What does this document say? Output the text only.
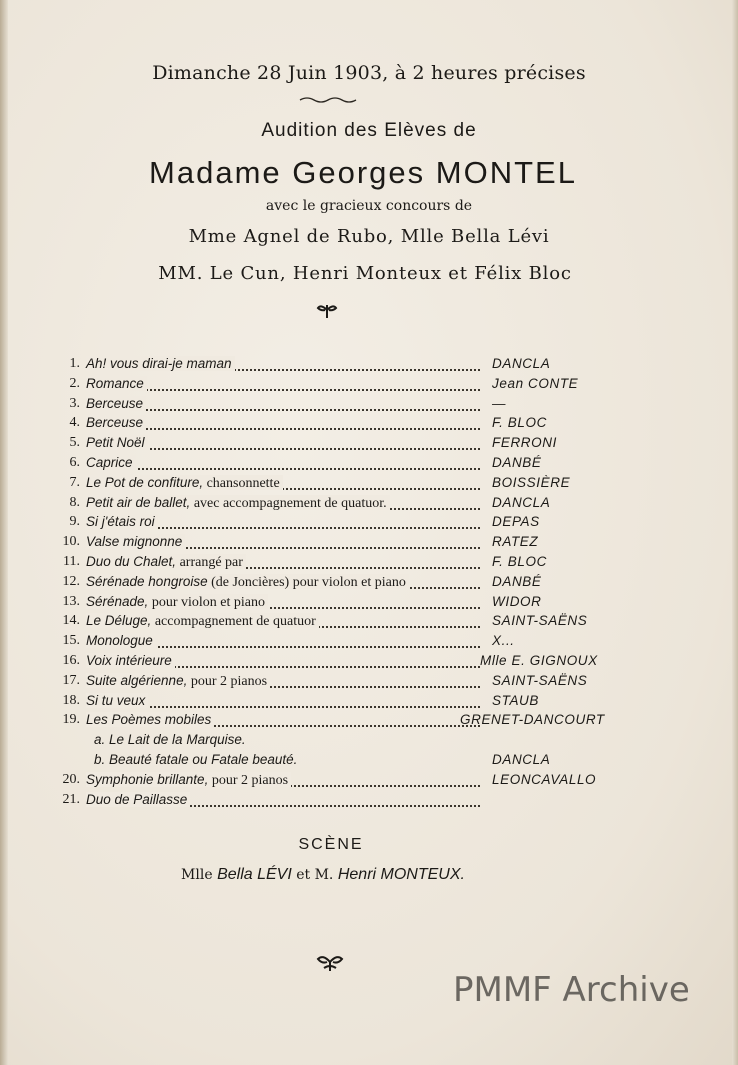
Dimanche 28 Juin 1903, à 2 heures précises
Audition des Elèves de
Madame Georges MONTEL
avec le gracieux concours de
Mme Agnel de Rubo, Mlle Bella Lévi
MM. Le Cun, Henri Monteux et Félix Bloc
1. Ah! vous dirai-je maman	DANCLA
2. Romance	Jean CONTE
3. Berceuse	—
4. Berceuse	F. BLOC
5. Petit Noël	FERRONI
6. Caprice	DANBÉ
7. Le Pot de confiture, chansonnette	BOISSIÈRE
8. Petit air de ballet, avec accompagnement de quatuor.	DANCLA
9. Si j'étais roi	DEPAS
10. Valse mignonne	RATEZ
11. Duo du Chalet, arrangé par	F. BLOC
12. Sérénade hongroise (de Joncières) pour violon et piano	DANBÉ
13. Sérénade, pour violon et piano	WIDOR
14. Le Déluge, accompagnement de quatuor	SAINT-SAËNS
15. Monologue	X...
16. Voix intérieure	Mlle E. GIGNOUX
17. Suite algérienne, pour 2 pianos	SAINT-SAËNS
18. Si tu veux	STAUB
19. Les Poèmes mobiles	GRENET-DANCOURT
a. Le Lait de la Marquise.
b. Beauté fatale ou Fatale beauté.	DANCLA
20. Symphonie brillante, pour 2 pianos	LEONCAVALLO
21. Duo de Paillasse
SCÈNE
Mlle Bella LÉVI et M. Henri MONTEUX.
PMMF Archive
